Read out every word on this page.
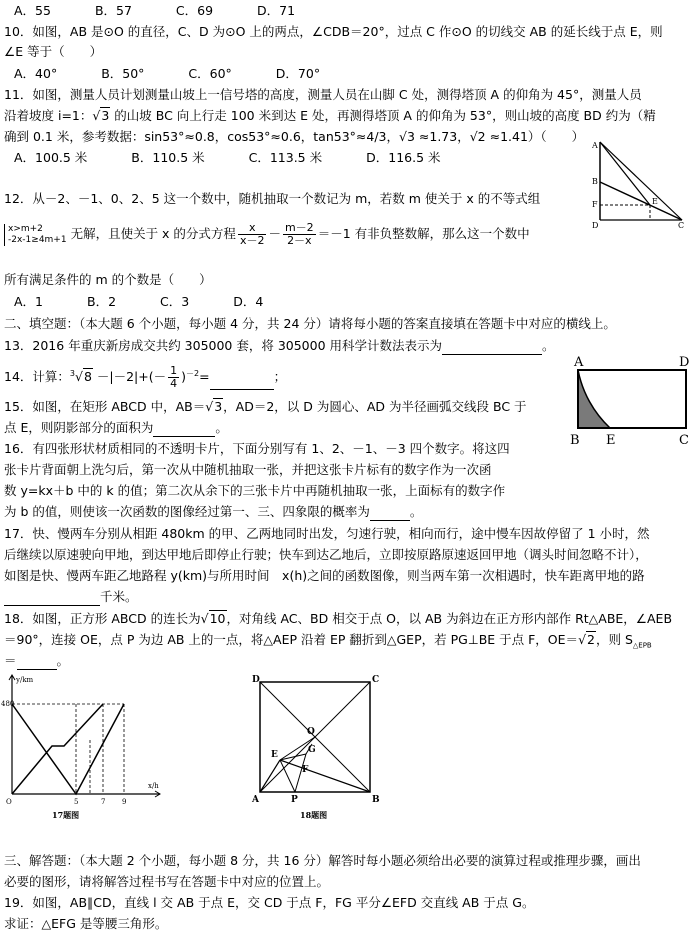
A．55	B．57	C．69	D．71
10．如图，AB 是⊙O 的直径，C、D 为⊙O 上的两点，∠CDB＝20°，过点 C 作⊙O 的切线交 AB 的延长线于点 E，则
∠E 等于（　　）
A．40°	B．50°	C．60°	D．70°
11．如图，测量人员计划测量山坡上一信号塔的高度，测量人员在山脚 C 处，测得塔顶 A 的仰角为 45°，测量人员
沿着坡度 i=1：√3 的山坡 BC 向上行走 100 米到达 E 处，再测得塔顶 A 的仰角为 53°，则山坡的高度 BD 约为（精
确到 0.1 米，参考数据：sin53°≈0.8，cos53°≈0.6，tan53°≈4/3，√3 ≈1.73，√2 ≈1.41）（　　）
A．100.5 米	B．110.5 米	C．113.5 米	D．116.5 米
A
B
F
D
E
C
12．从－2、－1、0、2、5 这一个数中，随机抽取一个数记为 m，若数 m 使关于 x 的不等式组
x>m+2
-2x-1≥4m+1 无解，且使关于 x 的分式方程 $\frac{x}{x-2} - \frac{m-2}{2-x} =-1$ 有非负整数解，那么这一个数中
所有满足条件的 m 的个数是（　　）
A．1	B．2	C．3	D．4
二、填空题：（本大题 6 个小题，每小题 4 分，共 24 分）请将每小题的答案直接填在答题卡中对应的横线上。
13．2016 年重庆新房成交共约 305000 套，将 305000 用科学计数法表示为	。
14．计算：$^3√8 -|-2|+(- \frac{1}{4} )^{-2}=$	；
15．如图，在矩形 ABCD 中，AB＝√3，AD＝2，以 D 为圆心、AD 为半径画弧交线段 BC 于
点 E，则阴影部分的面积为	。
A	D
B E	C
16．有四张形状材质相同的不透明卡片，下面分别写有 1、2、－1、－3 四个数字。将这四
张卡片背面朝上洗匀后，第一次从中随机抽取一张，并把这张卡片标有的数字作为一次函
数 y=kx＋b 中的 k 的值；第二次从余下的三张卡片中再随机抽取一张，上面标有的数字作
为 b 的值，则使该一次函数的图像经过第一、三、四象限的概率为	。
17．快、慢两车分别从相距 480km 的甲、乙两地同时出发，匀速行驶，相向而行，途中慢车因故停留了 1 小时，然
后继续以原速驶向甲地，到达甲地后即停止行驶；快车到达乙地后，立即按原路原速返回甲地（调头时间忽略不计），
如图是快、慢两车距乙地路程 y(km)与所用时间　x(h)之间的函数图像，则当两车第一次相遇时，快车距离甲地的路
千米。
18．如图，正方形 ABCD 的连长为√10，对角线 AC、BD 相交于点 O，以 AB 为斜边在正方形内部作 Rt△ABE，∠AEB
＝90°，连接 OE，点 P 为边 AB 上的一点，将△AEP 沿着 EP 翻折到△GEP，若 PG⊥BE 于点 F，OE＝√2，则 $S_{\triangle EPB}$
＝	。
y/km
x/h
480
O	5	7 9
17题图
D	C
A	B
O
E	G
F
P
18题图
三、解答题：（本大题 2 个小题，每小题 8 分，共 16 分）解答时每小题必须给出必要的演算过程或推理步骤，画出
必要的图形，请将解答过程书写在答题卡中对应的位置上。
19．如图，AB∥CD，直线 l 交 AB 于点 E，交 CD 于点 F，FG 平分∠EFD 交直线 AB 于点 G。
求证：△EFG 是等腰三角形。
